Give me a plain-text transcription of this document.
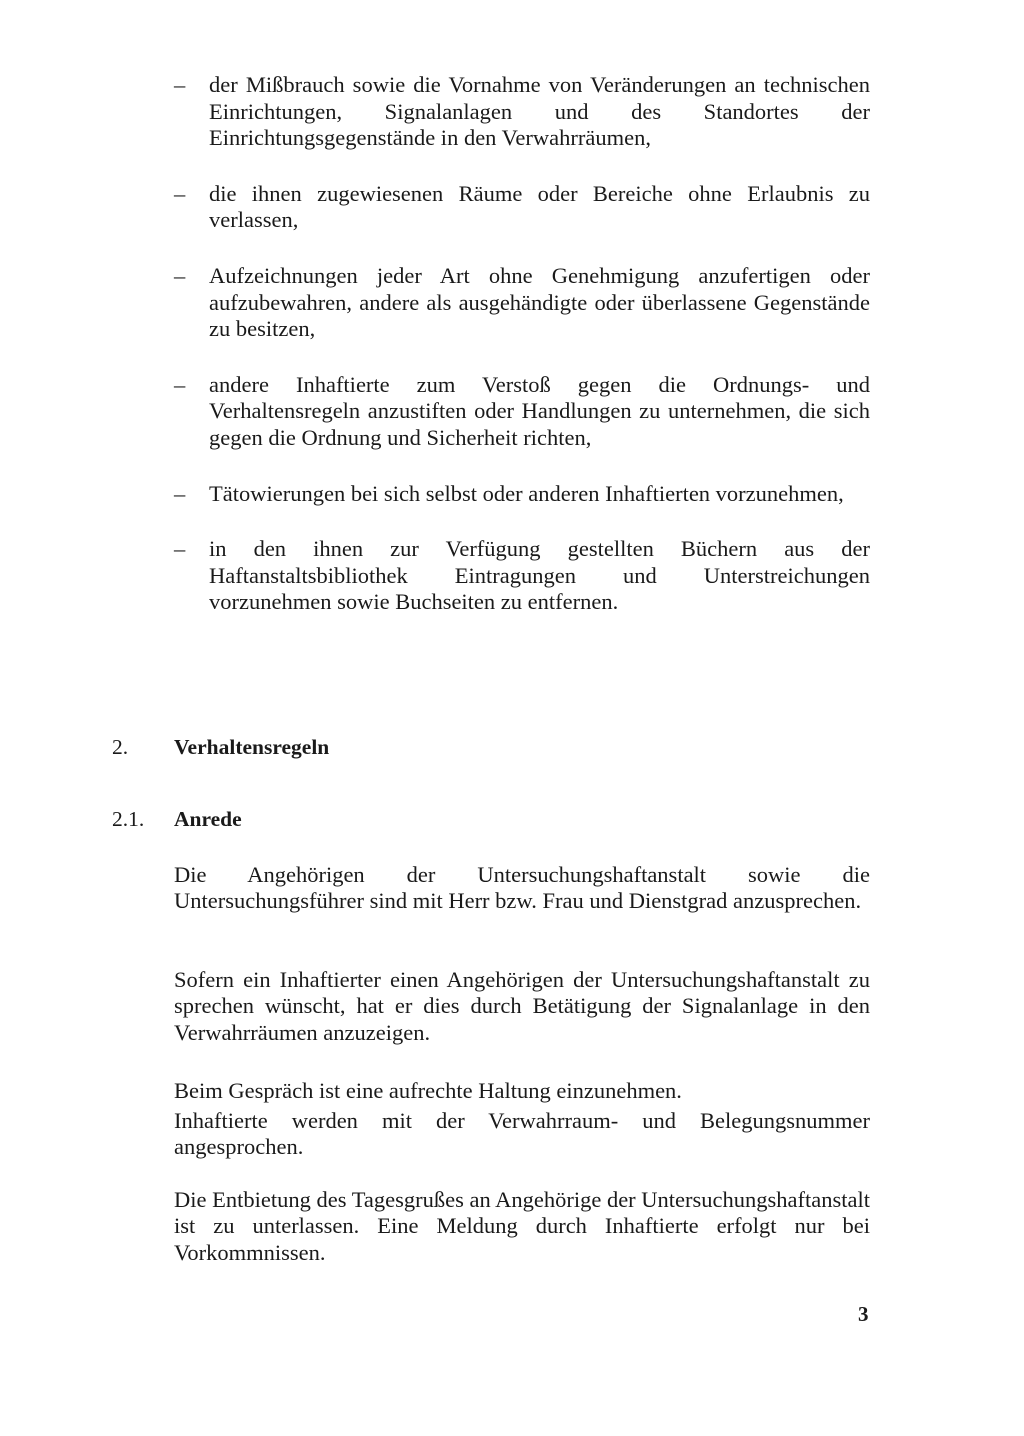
– der Mißbrauch sowie die Vornahme von Veränderungen an technischen Einrichtungen, Signalanlagen und des Standortes der Einrichtungsgegenstände in den Verwahrräumen,
– die ihnen zugewiesenen Räume oder Bereiche ohne Erlaubnis zu verlassen,
– Aufzeichnungen jeder Art ohne Genehmigung anzufertigen oder aufzubewahren, andere als ausgehändigte oder überlassene Gegenstände zu besitzen,
– andere Inhaftierte zum Verstoß gegen die Ordnungs- und Verhaltensregeln anzustiften oder Handlungen zu unternehmen, die sich gegen die Ordnung und Sicherheit richten,
– Tätowierungen bei sich selbst oder anderen Inhaftierten vorzunehmen,
– in den ihnen zur Verfügung gestellten Büchern aus der Haftanstaltsbibliothek Eintragungen und Unterstreichungen vorzunehmen sowie Buchseiten zu entfernen.
2. Verhaltensregeln
2.1. Anrede

Die Angehörigen der Untersuchungshaftanstalt sowie die Untersuchungsführer sind mit Herr bzw. Frau und Dienstgrad anzusprechen.

Sofern ein Inhaftierter einen Angehörigen der Untersuchungshaftanstalt zu sprechen wünscht, hat er dies durch Betätigung der Signalanlage in den Verwahrräumen anzuzeigen.

Beim Gespräch ist eine aufrechte Haltung einzunehmen.

Inhaftierte werden mit der Verwahrraum- und Belegungsnummer angesprochen.

Die Entbietung des Tagesgrußes an Angehörige der Untersuchungshaftanstalt ist zu unterlassen. Eine Meldung durch Inhaftierte erfolgt nur bei Vorkommnissen.

3
